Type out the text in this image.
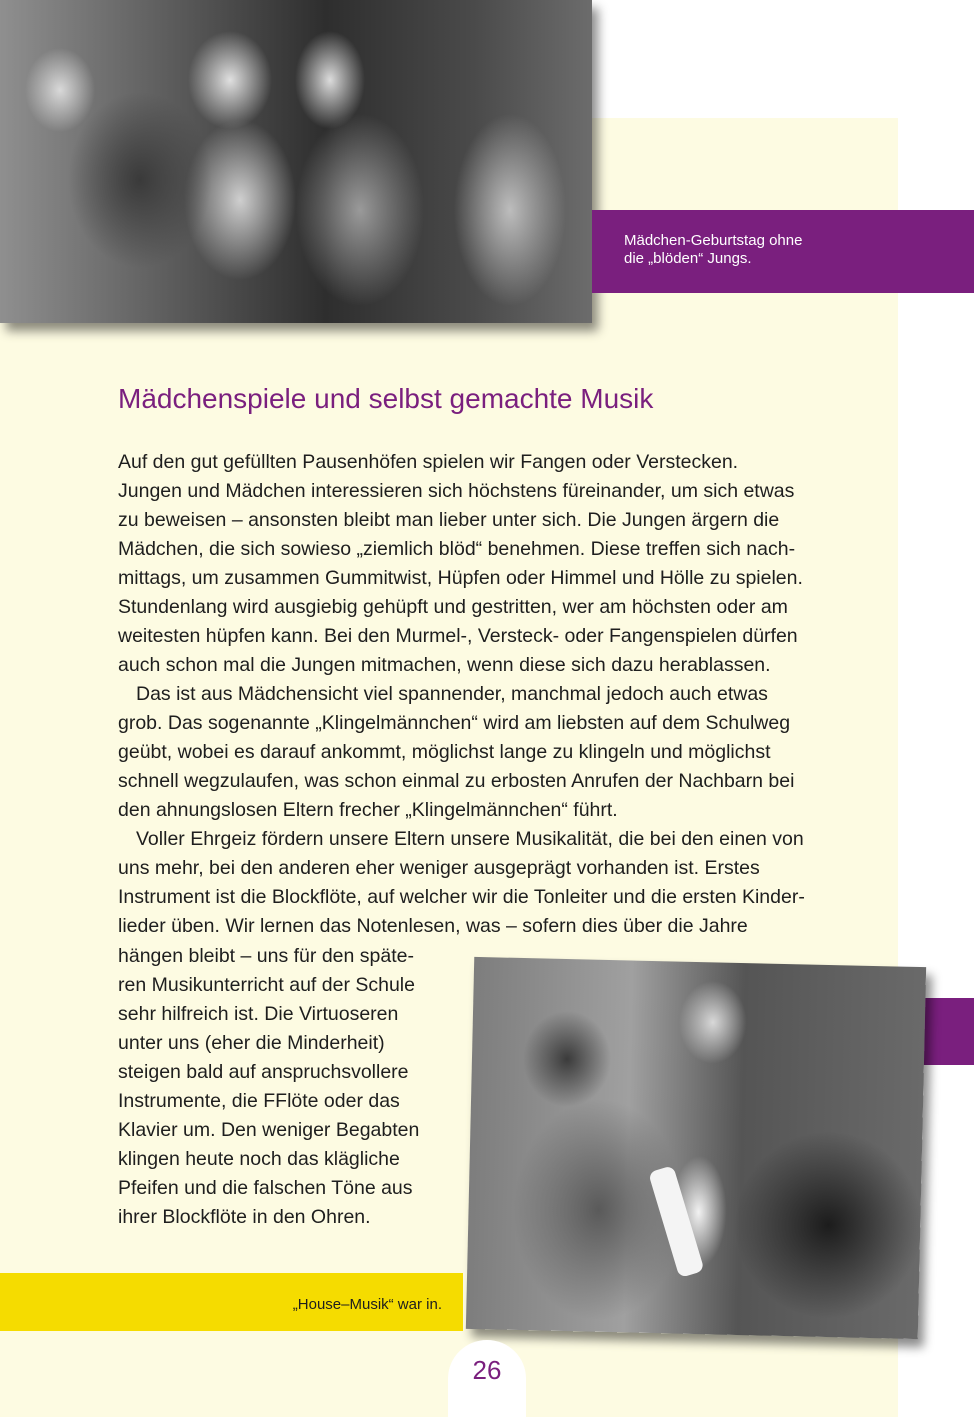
Mädchen-Geburtstag ohne
die „blöden“ Jungs.
Mädchenspiele und selbst gemachte Musik

Auf den gut gefüllten Pausenhöfen spielen wir Fangen oder Verstecken.
Jungen und Mädchen interessieren sich höchstens füreinander, um sich etwas
zu beweisen – ansonsten bleibt man lieber unter sich. Die Jungen ärgern die
Mädchen, die sich sowieso „ziemlich blöd“ benehmen. Diese treffen sich nach-
mittags, um zusammen Gummitwist, Hüpfen oder Himmel und Hölle zu spielen.
Stundenlang wird ausgiebig gehüpft und gestritten, wer am höchsten oder am
weitesten hüpfen kann. Bei den Murmel-, Versteck- oder Fangenspielen dürfen
auch schon mal die Jungen mitmachen, wenn diese sich dazu herablassen.
Das ist aus Mädchensicht viel spannender, manchmal jedoch auch etwas
grob. Das sogenannte „Klingelmännchen“ wird am liebsten auf dem Schulweg
geübt, wobei es darauf ankommt, möglichst lange zu klingeln und möglichst
schnell wegzulaufen, was schon einmal zu erbosten Anrufen der Nachbarn bei
den ahnungslosen Eltern frecher „Klingelmännchen“ führt.
Voller Ehrgeiz fördern unsere Eltern unsere Musikalität, die bei den einen von
uns mehr, bei den anderen eher weniger ausgeprägt vorhanden ist. Erstes
Instrument ist die Blockflöte, auf welcher wir die Tonleiter und die ersten Kinder-
lieder üben. Wir lernen das Notenlesen, was – sofern dies über die Jahre

hängen bleibt – uns für den späte-
ren Musikunterricht auf der Schule
sehr hilfreich ist. Die Virtuoseren
unter uns (eher die Minderheit)
steigen bald auf anspruchsvollere
Instrumente, die FFlöte oder das
Klavier um. Den weniger Begabten
klingen heute noch das klägliche
Pfeifen und die falschen Töne aus
ihrer Blockflöte in den Ohren.

„House–Musik“ war in.
26
